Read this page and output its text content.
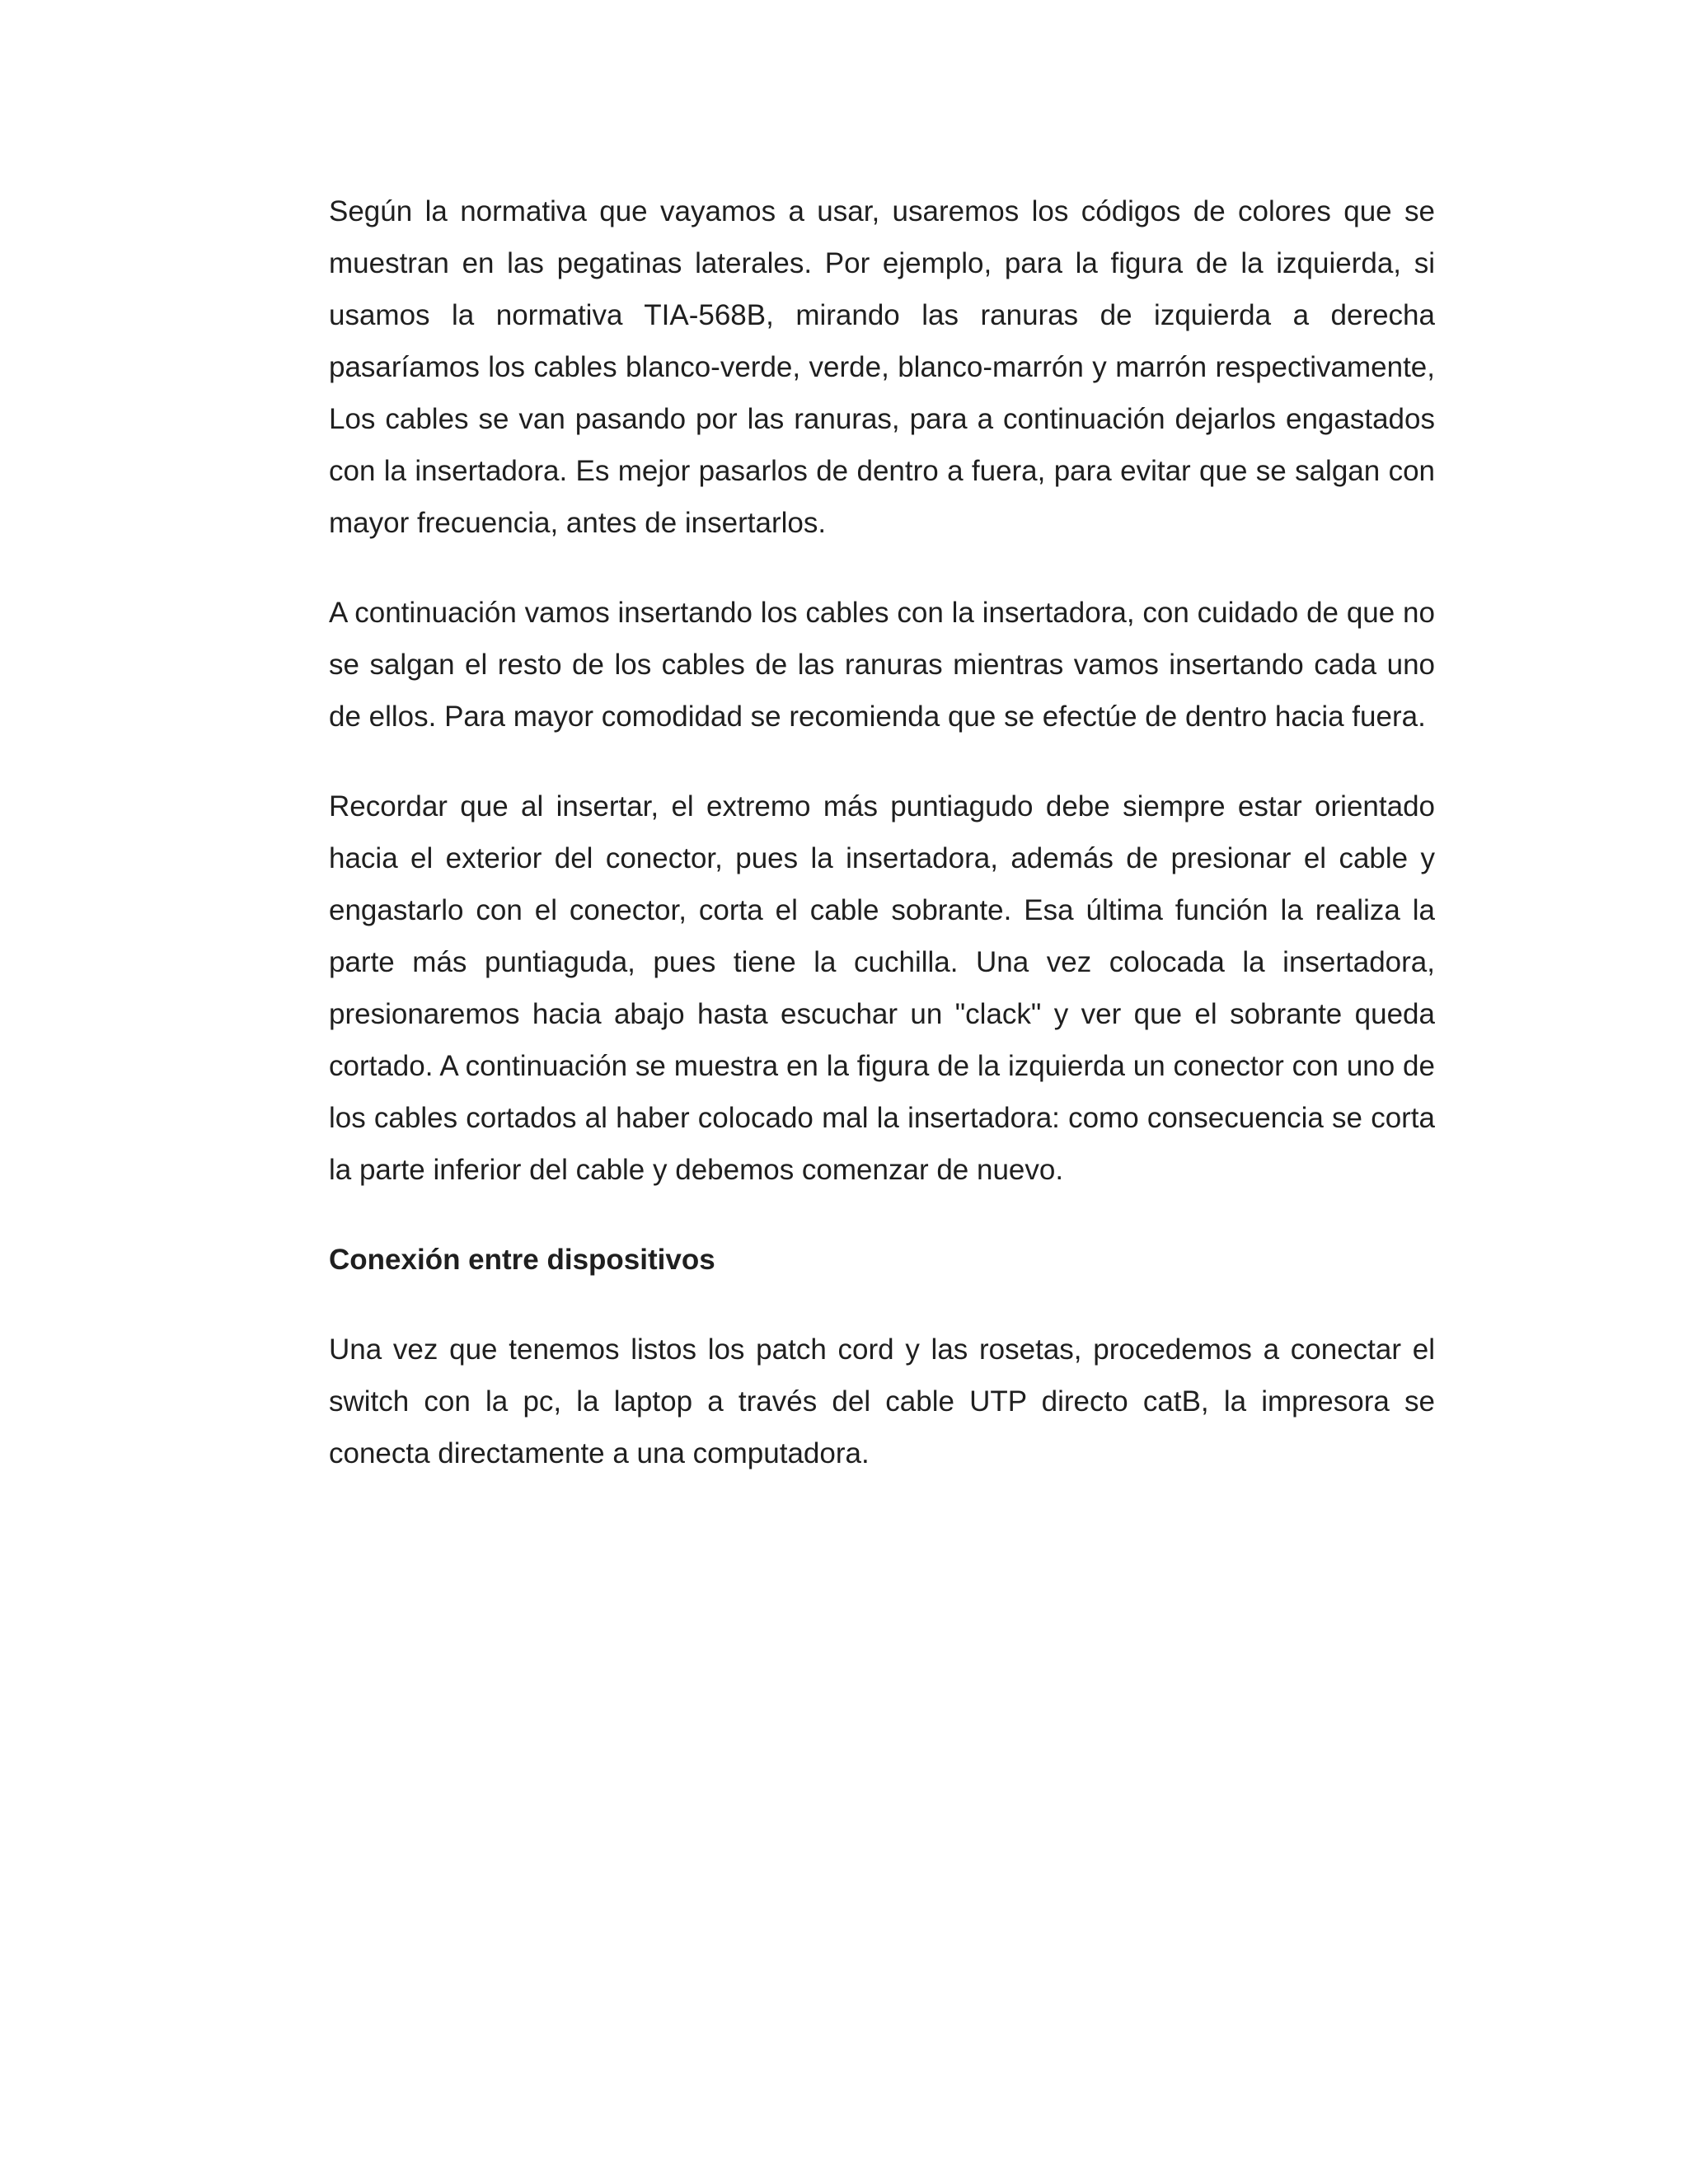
Según la normativa que vayamos a usar, usaremos los códigos de colores que se muestran en las pegatinas laterales. Por ejemplo, para la figura de la izquierda, si usamos la normativa TIA-568B, mirando las ranuras de izquierda a derecha pasaríamos los cables blanco-verde, verde, blanco-marrón y marrón respectivamente, Los cables se van pasando por las ranuras, para a continuación dejarlos engastados con la insertadora. Es mejor pasarlos de dentro a fuera, para evitar que se salgan con mayor frecuencia, antes de insertarlos.

A continuación vamos insertando los cables con la insertadora, con cuidado de que no se salgan el resto de los cables de las ranuras mientras vamos insertando cada uno de ellos. Para mayor comodidad se recomienda que se efectúe de dentro hacia fuera.

Recordar que al insertar, el extremo más puntiagudo debe siempre estar orientado hacia el exterior del conector, pues la insertadora, además de presionar el cable y engastarlo con el conector, corta el cable sobrante. Esa última función la realiza la parte más puntiaguda, pues tiene la cuchilla. Una vez colocada la insertadora, presionaremos hacia abajo hasta escuchar un "clack" y ver que el sobrante queda cortado. A continuación se muestra en la figura de la izquierda un conector con uno de los cables cortados al haber colocado mal la insertadora: como consecuencia se corta la parte inferior del cable y debemos comenzar de nuevo.

Conexión entre dispositivos

Una vez que tenemos listos los patch cord y las rosetas, procedemos a conectar el switch con la pc, la laptop a través del cable UTP directo catB, la impresora se conecta directamente a una computadora.
